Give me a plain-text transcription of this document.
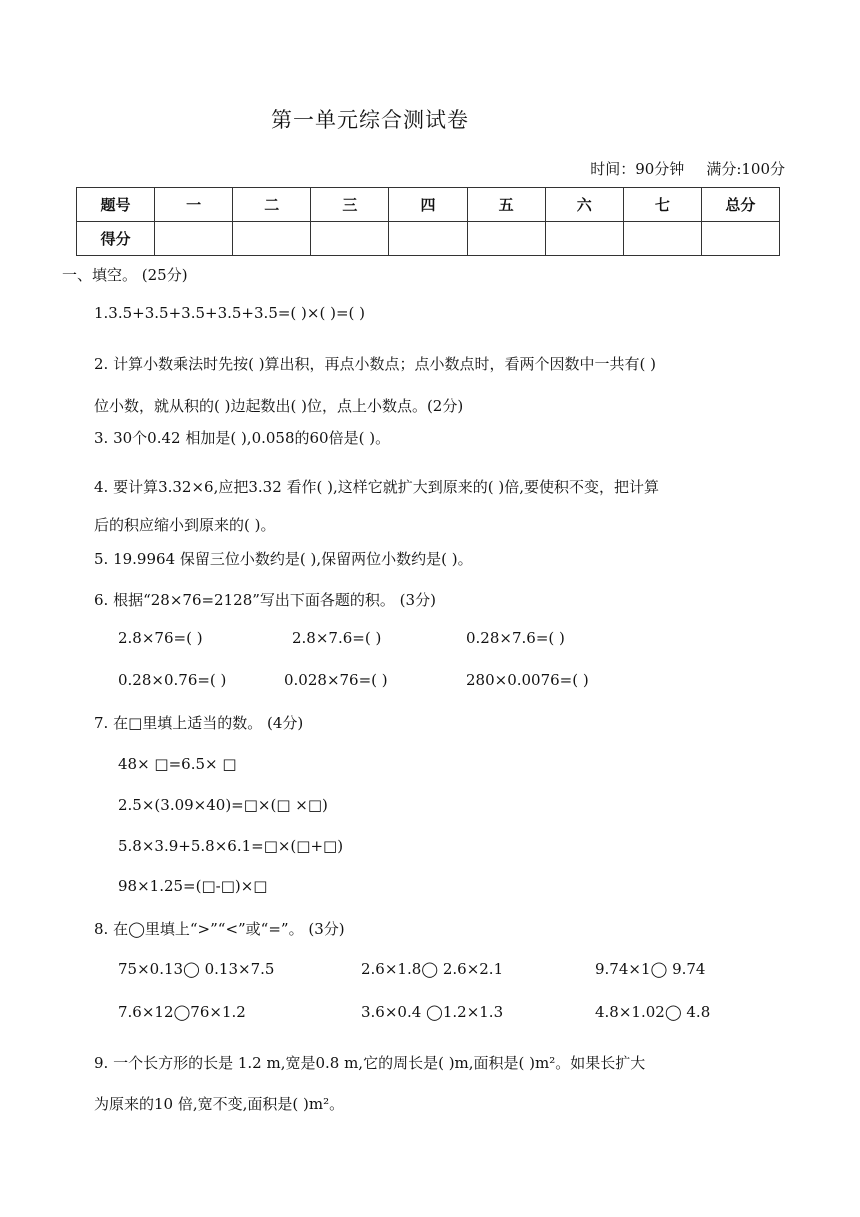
第一单元综合测试卷
时间：90分钟 满分:100分
题号	一	二	三	四	五	六	七	总分
得分								
一、填空。 (25分)
1.3.5+3.5+3.5+3.5+3.5=( )×( )=( )
2. 计算小数乘法时先按( )算出积，再点小数点；点小数点时，看两个因数中一共有( )
位小数，就从积的( )边起数出( )位，点上小数点。(2分)
3. 30个0.42 相加是( ),0.058的60倍是( )。
4. 要计算3.32×6,应把3.32 看作( ),这样它就扩大到原来的( )倍,要使积不变，把计算
后的积应缩小到原来的( )。
5. 19.9964 保留三位小数约是( ),保留两位小数约是( )。
6. 根据“28×76=2128”写出下面各题的积。 (3分)
2.8×76=( )	2.8×7.6=( )	0.28×7.6=( )
0.28×0.76=( )	0.028×76=( )	280×0.0076=( )
7. 在□里填上适当的数。 (4分)
48× □=6.5× □
2.5×(3.09×40)=□×(□ ×□)
5.8×3.9+5.8×6.1=□×(□+□)
98×1.25=(□-□)×□
8. 在◯里填上“>”“<”或“=”。 (3分)
75×0.13◯ 0.13×7.5	2.6×1.8◯ 2.6×2.1	9.74×1◯ 9.74
7.6×12◯76×1.2	3.6×0.4 ◯1.2×1.3	4.8×1.02◯ 4.8
9. 一个长方形的长是 1.2 m,宽是0.8 m,它的周长是( )m,面积是( )m²。如果长扩大
为原来的10 倍,宽不变,面积是( )m²。
